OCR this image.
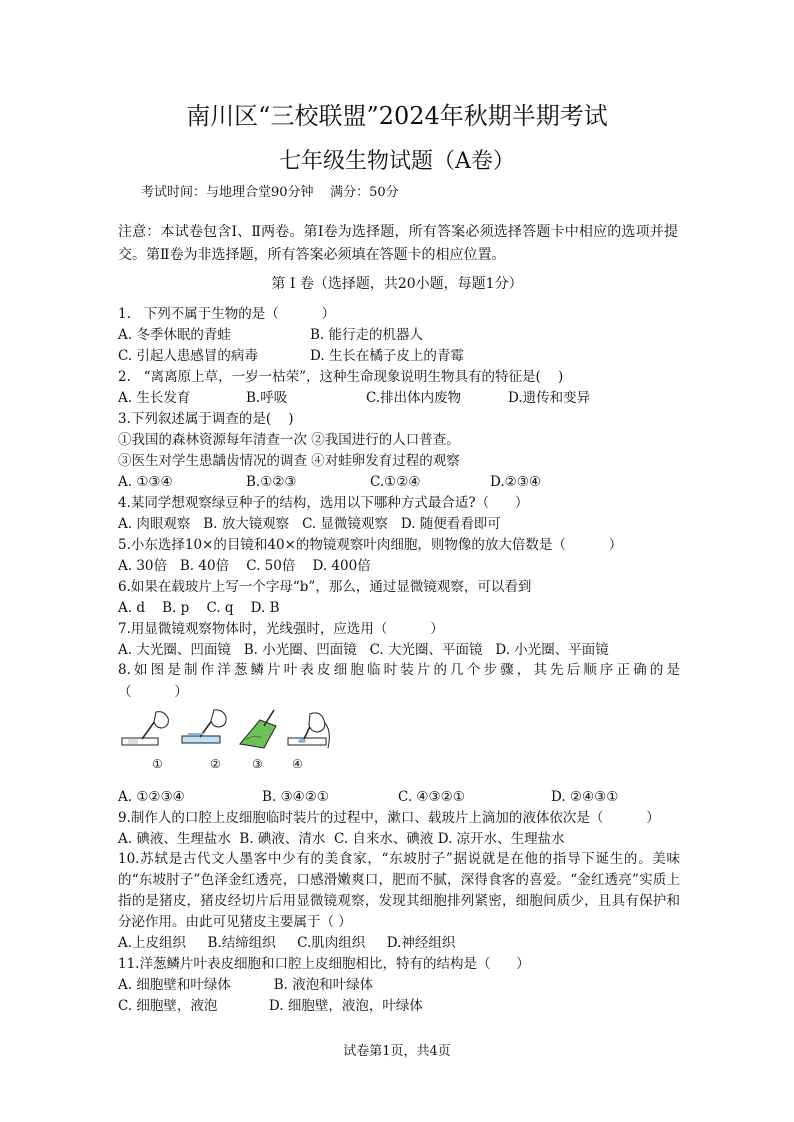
南川区“三校联盟”2024年秋期半期考试
七年级生物试题（A卷）
考试时间：与地理合堂90分钟    满分：50分
注意：本试卷包含Ⅰ、Ⅱ两卷。第Ⅰ卷为选择题，所有答案必须选择答题卡中相应的选项并提交。第Ⅱ卷为非选择题，所有答案必须填在答题卡的相应位置。
第 Ⅰ 卷（选择题，共20小题，每题1分）
1.   下列不属于生物的是（          ）
A. 冬季休眠的青蛙	B. 能行走的机器人
C. 引起人患感冒的病毒	D. 生长在橘子皮上的青霉
2.   “离离原上草，一岁一枯荣”，这种生命现象说明生物具有的特征是(    )
A. 生长发育	B.呼吸	C.排出体内废物	D.遗传和变异
3.下列叙述属于调查的是(    )
①我国的森林资源每年清查一次 ②我国进行的人口普查。
③医生对学生患龋齿情况的调查 ④对蛙卵发育过程的观察
A. ①③④	B.①②③	C.①②④	D.②③④
4.某同学想观察绿豆种子的结构，选用以下哪种方式最合适?（      ）
A. 肉眼观察   B. 放大镜观察   C. 显微镜观察   D. 随便看看即可
5.小东选择10×的目镜和40×的物镜观察叶肉细胞，则物像的放大倍数是（          ）
A. 30倍   B. 40倍    C. 50倍    D. 400倍
6.如果在载玻片上写一个字母“b”，那么，通过显微镜观察，可以看到
A. d    B. p    C. q    D. B
7.用显微镜观察物体时，光线强时，应选用（          ）
A. 大光圈、凹面镜   B. 小光圈、凹面镜   C. 大光圈、平面镜   D. 小光圈、平面镜
8.如图是制作洋葱鳞片叶表皮细胞临时装片的几个步骤，其先后顺序正确的是
（          ）
①	②	③ ④
A. ①②③④	B. ③④②①	C. ④③②①	D. ②④③①
9.制作人的口腔上皮细胞临时装片的过程中，漱口、载玻片上滴加的液体依次是（          ）
A. 碘液、生理盐水  B. 碘液、清水  C. 自来水、碘液 D. 凉开水、生理盐水
10.苏轼是古代文人墨客中少有的美食家，“东坡肘子”据说就是在他的指导下诞生的。美味的“东坡肘子”色泽金红透亮，口感滑嫩爽口，肥而不腻，深得食客的喜爱。“金红透亮”实质上指的是猪皮，猪皮经切片后用显微镜观察，发现其细胞排列紧密，细胞间质少，且具有保护和分泌作用。由此可见猪皮主要属于（ ）
A.上皮组织     B.结缔组织     C.肌肉组织     D.神经组织
11.洋葱鳞片叶表皮细胞和口腔上皮细胞相比，特有的结构是（      ）
A. 细胞壁和叶绿体          B. 液泡和叶绿体
C. 细胞壁，液泡            D. 细胞壁，液泡，叶绿体
试卷第1页，共4页
